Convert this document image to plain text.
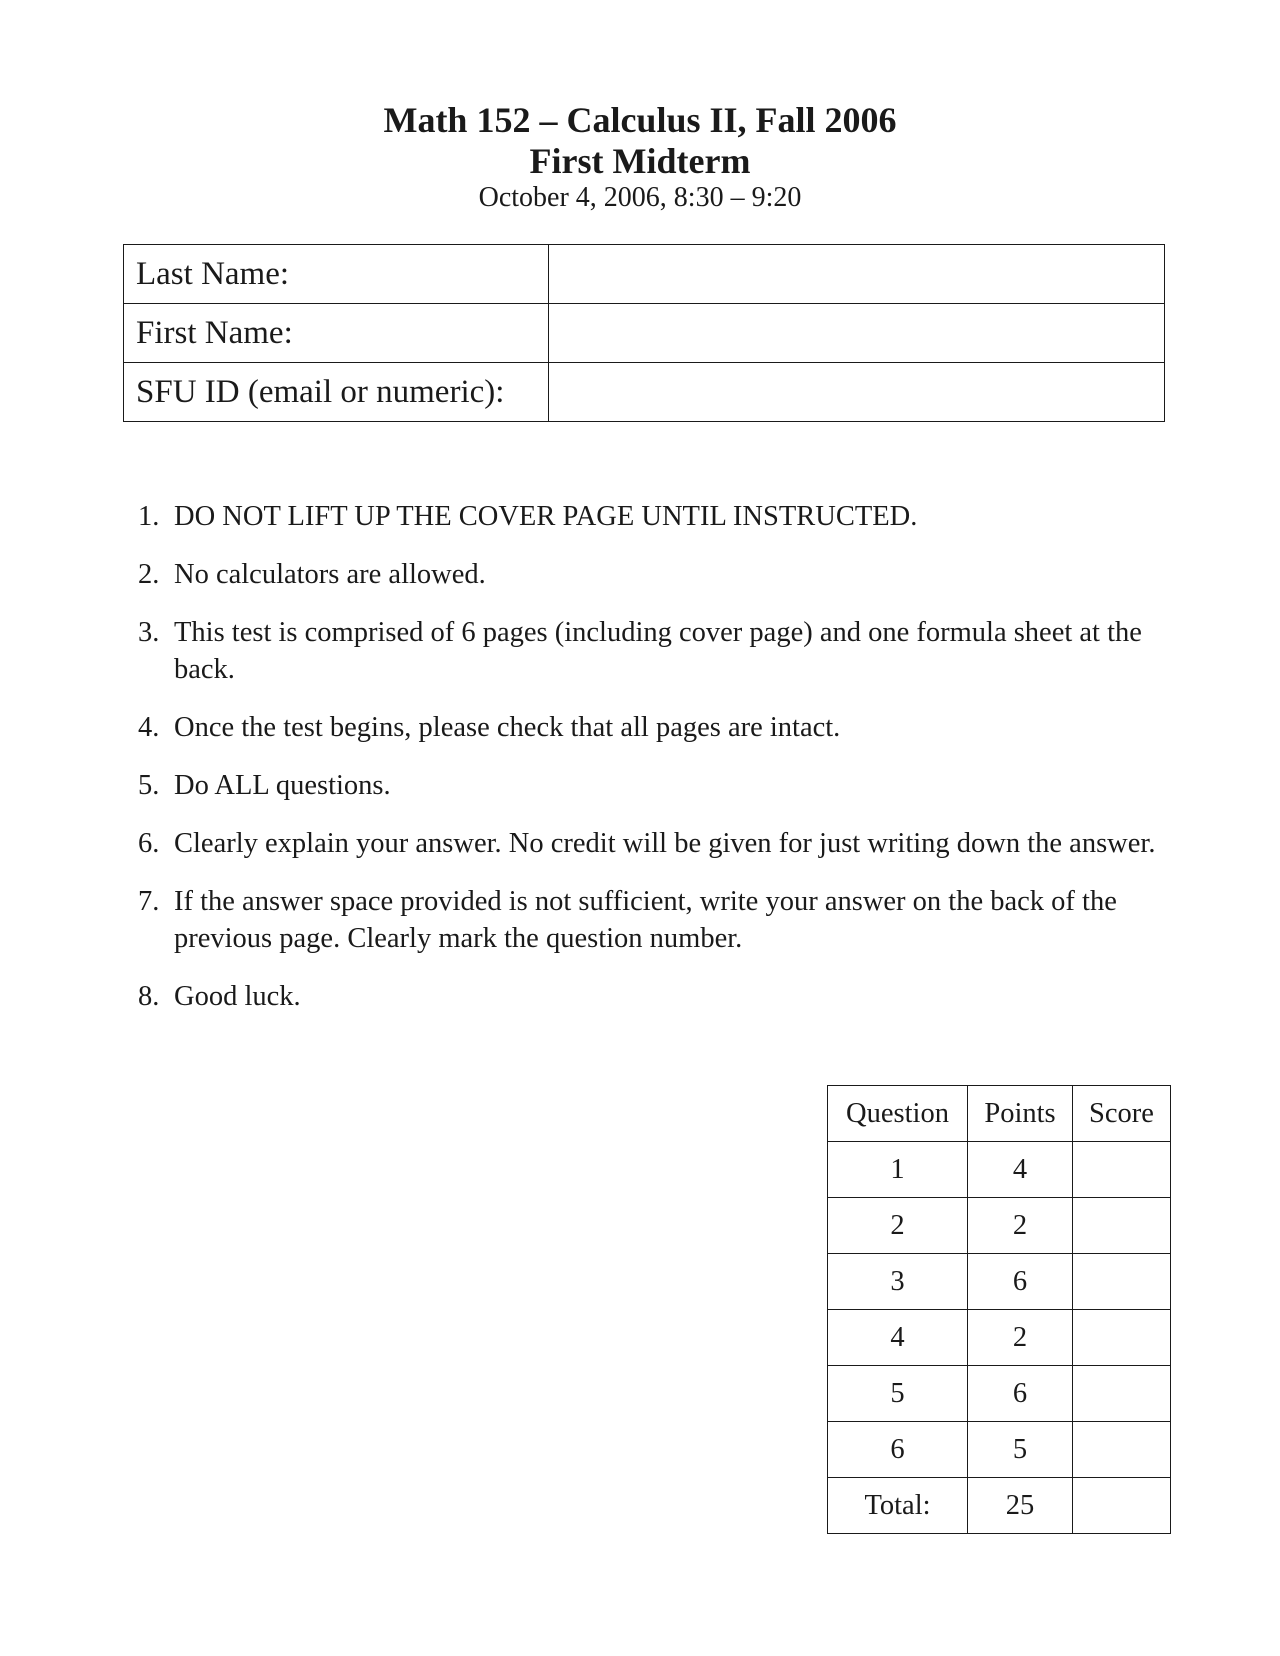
Math 152 – Calculus II, Fall 2006
First Midterm
October 4, 2006, 8:30 – 9:20
Last Name:	
First Name:	
SFU ID (email or numeric):	
1. DO NOT LIFT UP THE COVER PAGE UNTIL INSTRUCTED.
2. No calculators are allowed.
3. This test is comprised of 6 pages (including cover page) and one formula sheet at the back.
4. Once the test begins, please check that all pages are intact.
5. Do ALL questions.
6. Clearly explain your answer. No credit will be given for just writing down the answer.
7. If the answer space provided is not sufficient, write your answer on the back of the previous page. Clearly mark the question number.
8. Good luck.
Question	Points	Score
1	4	
2	2	
3	6	
4	2	
5	6	
6	5	
Total:	25	
